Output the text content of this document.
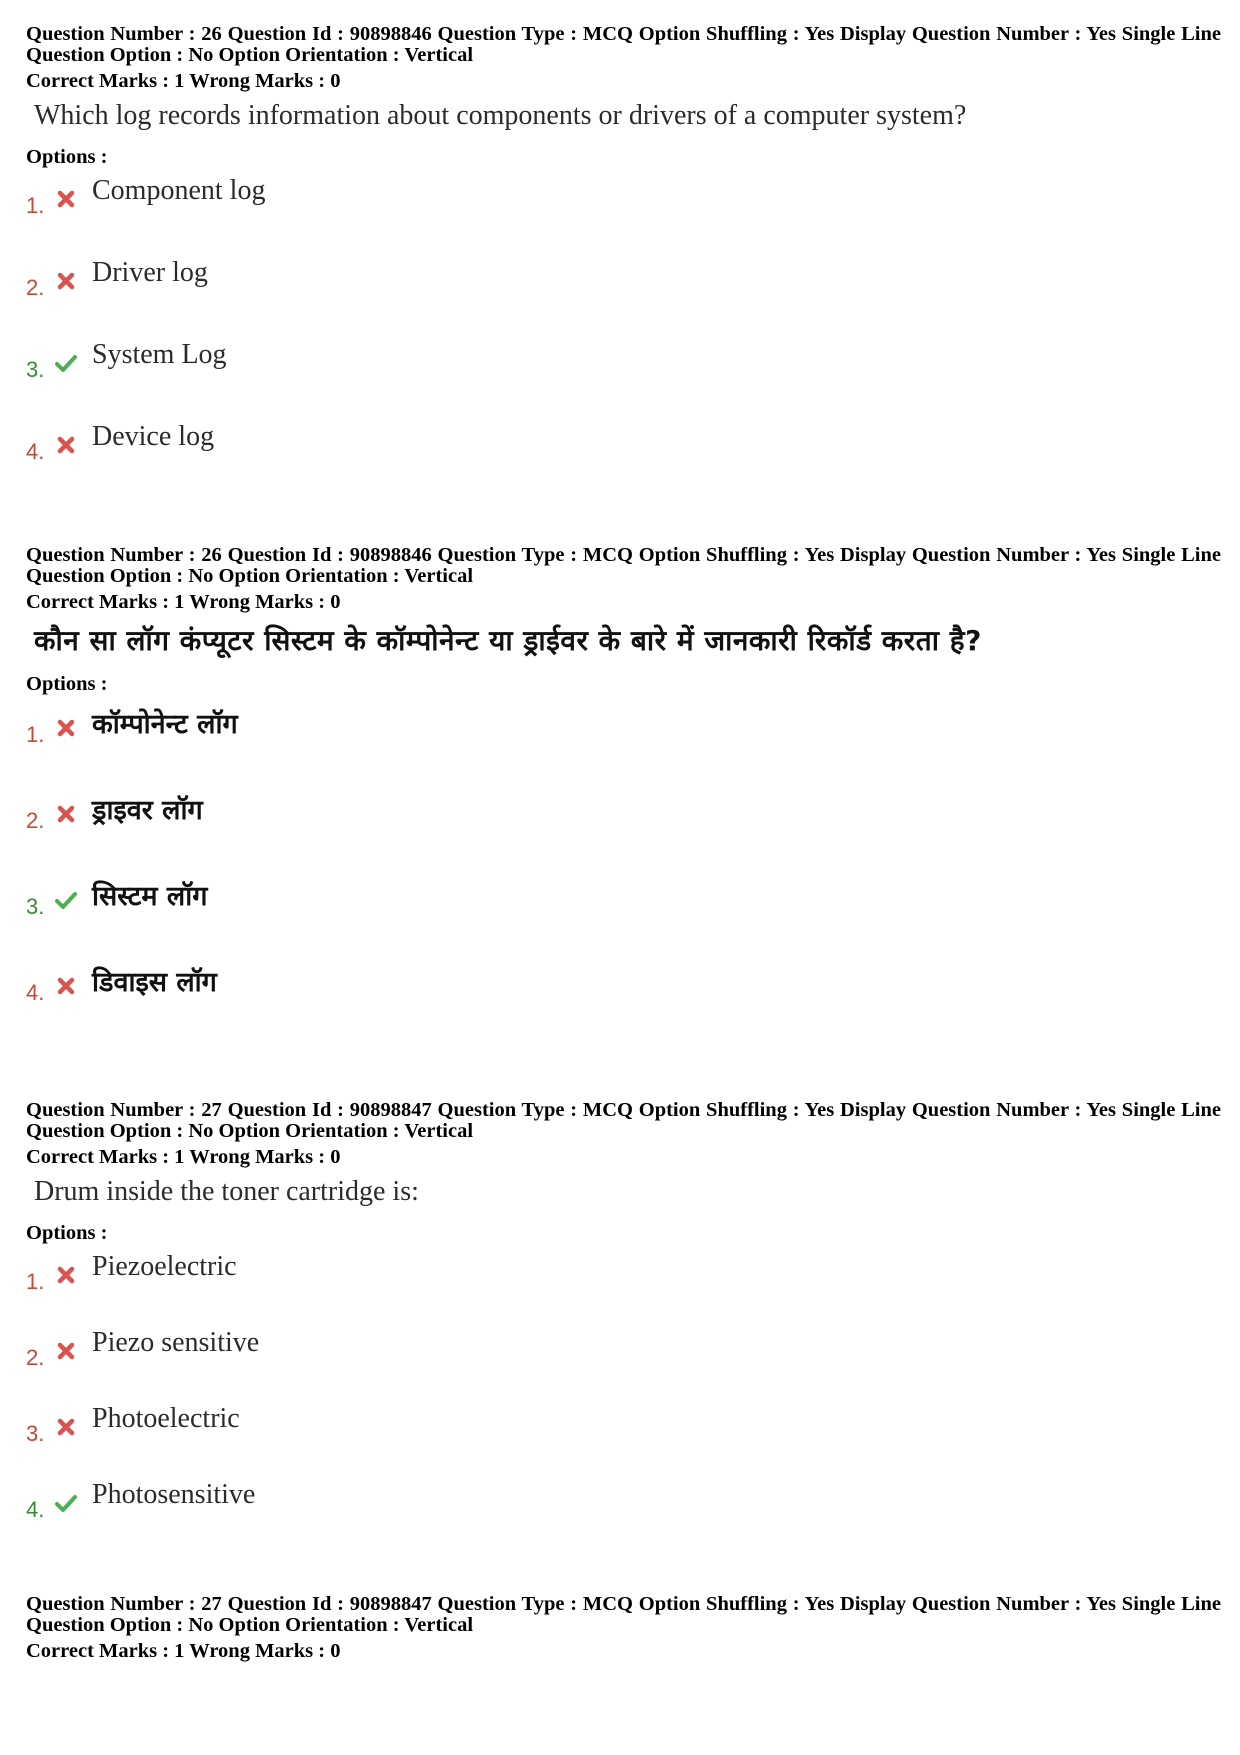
Question Number : 26 Question Id : 90898846 Question Type : MCQ Option Shuffling : Yes Display Question Number : Yes Single Line Question Option : No Option Orientation : Vertical
Correct Marks : 1 Wrong Marks : 0
Which log records information about components or drivers of a computer system?
Options :
1. Component log
2. Driver log
3. System Log
4. Device log
Question Number : 26 Question Id : 90898846 Question Type : MCQ Option Shuffling : Yes Display Question Number : Yes Single Line Question Option : No Option Orientation : Vertical
Correct Marks : 1 Wrong Marks : 0
कौन सा लॉग कंप्यूटर सिस्टम के कॉम्पोनेन्ट या ड्राईवर के बारे में जानकारी रिकॉर्ड करता है?
Options :
1. कॉम्पोनेन्ट लॉग
2. ड्राइवर लॉग
3. सिस्टम लॉग
4. डिवाइस लॉग
Question Number : 27 Question Id : 90898847 Question Type : MCQ Option Shuffling : Yes Display Question Number : Yes Single Line Question Option : No Option Orientation : Vertical
Correct Marks : 1 Wrong Marks : 0
Drum inside the toner cartridge is:
Options :
1. Piezoelectric
2. Piezo sensitive
3. Photoelectric
4. Photosensitive
Question Number : 27 Question Id : 90898847 Question Type : MCQ Option Shuffling : Yes Display Question Number : Yes Single Line Question Option : No Option Orientation : Vertical
Correct Marks : 1 Wrong Marks : 0
